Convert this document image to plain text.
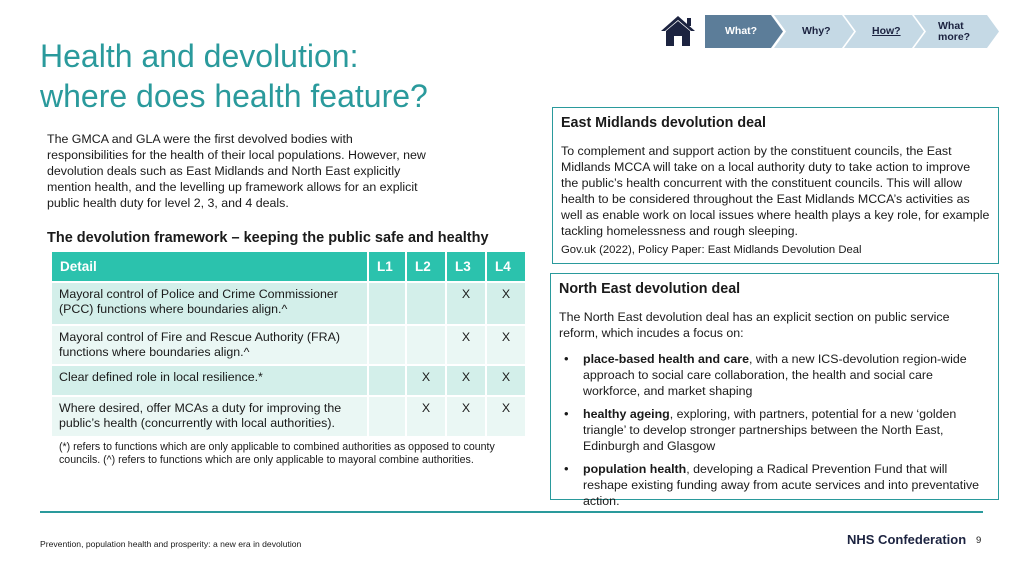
Health and devolution:
where does health feature?
What?	Why?	How?	What more?

The GMCA and GLA were the first devolved bodies with responsibilities for the health of their local populations. However, new devolution deals such as East Midlands and North East explicitly mention health, and the levelling up framework allows for an explicit public health duty for level 2, 3, and 4 deals.

The devolution framework – keeping the public safe and healthy
Detail	L1	L2	L3	L4
Mayoral control of Police and Crime Commissioner (PCC) functions where boundaries align.^			X	X
Mayoral control of Fire and Rescue Authority (FRA) functions where boundaries align.^			X	X
Clear defined role in local resilience.*		X	X	X
Where desired, offer MCAs a duty for improving the public’s health (concurrently with local authorities).		X	X	X
(*) refers to functions which are only applicable to combined authorities as opposed to county councils. (^) refers to functions which are only applicable to mayoral combine authorities.
East Midlands devolution deal

To complement and support action by the constituent councils, the East Midlands MCCA will take on a local authority duty to take action to improve the public’s health concurrent with the constituent councils. This will allow health to be considered throughout the East Midlands MCCA’s activities as well as enable work on local issues where health plays a key role, for example tackling homelessness and rough sleeping.

Gov.uk (2022), Policy Paper: East Midlands Devolution Deal

North East devolution deal

The North East devolution deal has an explicit section on public service reform, which incudes a focus on:

• place-based health and care, with a new ICS-devolution region-wide approach to social care collaboration, the health and social care workforce, and market shaping
• healthy ageing, exploring, with partners, potential for a new ‘golden triangle’ to develop stronger partnerships between the North East, Edinburgh and Glasgow
• population health, developing a Radical Prevention Fund that will reshape existing funding away from acute services and into preventative action.
Prevention, population health and prosperity: a new era in devolution	NHS Confederation 9
